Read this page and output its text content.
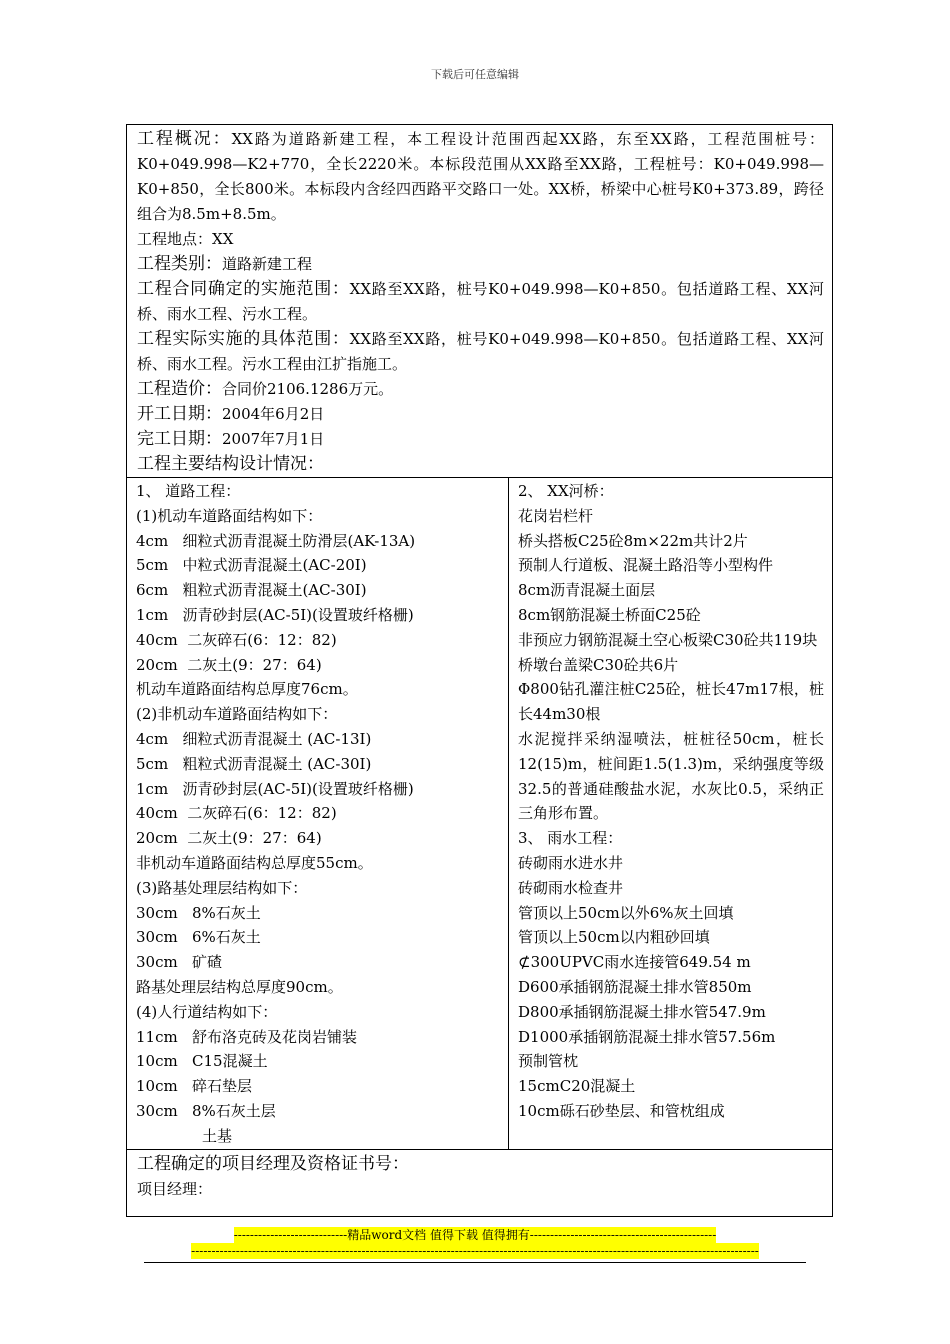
下载后可任意编辑

工程概况：XX路为道路新建工程，本工程设计范围西起XX路，东至XX路，工程范围桩号：K0+049.998—K2+770，全长2220米。本标段范围从XX路至XX路，工程桩号：K0+049.998—K0+850，全长800米。本标段内含经四西路平交路口一处。XX桥，桥梁中心桩号K0+373.89，跨径组合为8.5m+8.5m。

工程地点：XX

工程类别：道路新建工程

工程合同确定的实施范围：XX路至XX路，桩号K0+049.998—K0+850。包括道路工程、XX河桥、雨水工程、污水工程。

工程实际实施的具体范围：XX路至XX路，桩号K0+049.998—K0+850。包括道路工程、XX河桥、雨水工程。污水工程由江扩指施工。

工程造价：合同价2106.1286万元。

开工日期：2004年6月2日

完工日期：2007年7月1日

工程主要结构设计情况：

1、 道路工程：

(1)机动车道路面结构如下：

4cm   细粒式沥青混凝土防滑层(AK-13A)

5cm   中粒式沥青混凝土(AC-20I)

6cm   粗粒式沥青混凝土(AC-30I)

1cm   沥青砂封层(AC-5I)(设置玻纤格栅)

40cm  二灰碎石(6：12：82)

20cm  二灰土(9：27：64)

机动车道路面结构总厚度76cm。

(2)非机动车道路面结构如下：

4cm   细粒式沥青混凝土 (AC-13I)

5cm   粗粒式沥青混凝土 (AC-30I)

1cm   沥青砂封层(AC-5I)(设置玻纤格栅)

40cm  二灰碎石(6：12：82)

20cm  二灰土(9：27：64)

非机动车道路面结构总厚度55cm。

(3)路基处理层结构如下：

30cm   8%石灰土

30cm   6%石灰土

30cm   矿碴

路基处理层结构总厚度90cm。

(4)人行道结构如下：

11cm   舒布洛克砖及花岗岩铺装

10cm   C15混凝土

10cm   碎石垫层

30cm   8%石灰土层

土基

2、 XX河桥：

花岗岩栏杆

桥头搭板C25砼8m×22m共计2片

预制人行道板、混凝土路沿等小型构件

8cm沥青混凝土面层

8cm钢筋混凝土桥面C25砼

非预应力钢筋混凝土空心板梁C30砼共119块

桥墩台盖梁C30砼共6片

Φ800钻孔灌注桩C25砼，桩长47m17根，桩长44m30根

水泥搅拌采纳湿喷法，桩桩径50cm，桩长12(15)m，桩间距1.5(1.3)m，采纳强度等级32.5的普通硅酸盐水泥，水灰比0.5，采纳正三角形布置。

3、 雨水工程：

砖砌雨水进水井

砖砌雨水检查井

管顶以上50cm以外6%灰土回填

管顶以上50cm以内粗砂回填

⊄300UPVC雨水连接管649.54 m

D600承插钢筋混凝土排水管850m

D800承插钢筋混凝土排水管547.9m

D1000承插钢筋混凝土排水管57.56m

预制管枕

15cmC20混凝土

10cm砾石砂垫层、和管枕组成

工程确定的项目经理及资格证书号：

项目经理：

----------------------------精品word文档 值得下载 值得拥有----------------------------------------------
--------------------------------------------------------------------------------------------------------------------------------------------
